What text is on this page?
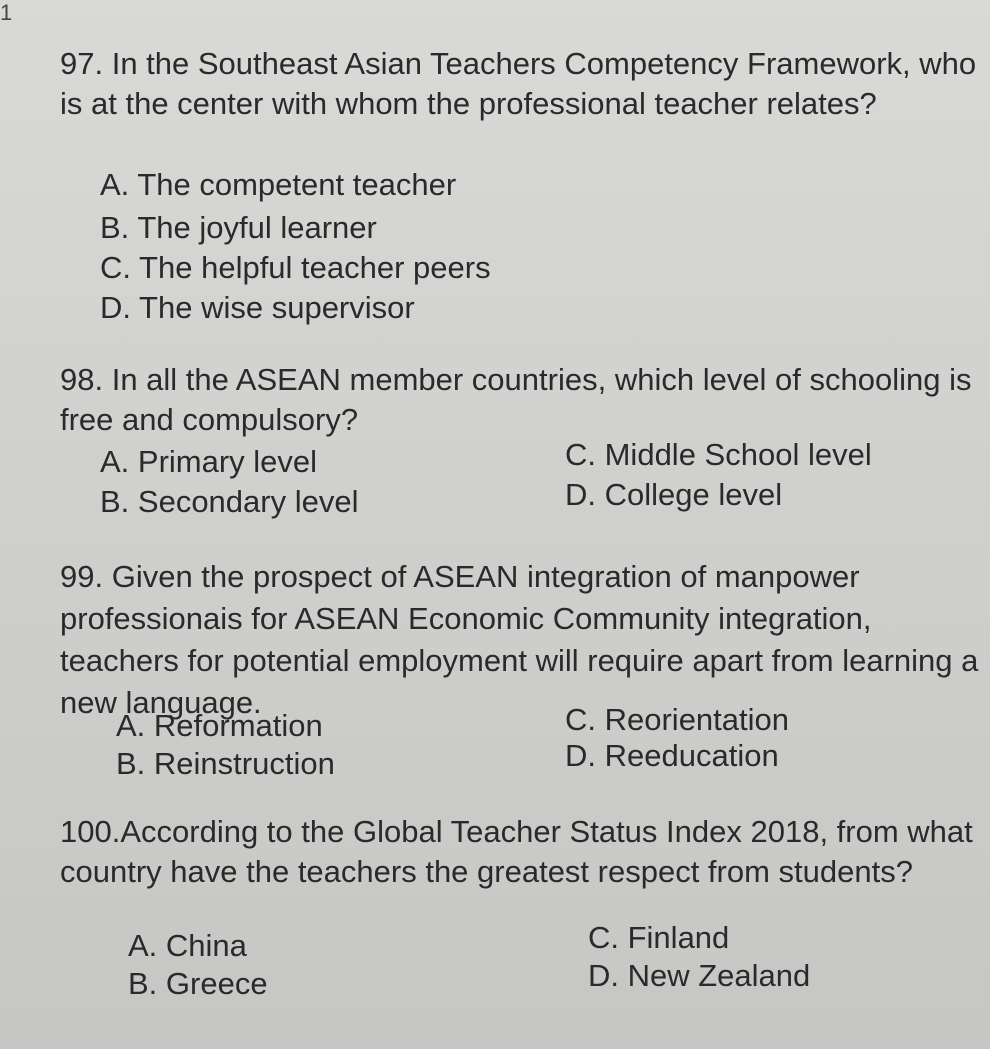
1

97. In the Southeast Asian Teachers Competency Framework, who is at the center with whom the professional teacher relates?

A. The competent teacher
B. The joyful learner
C. The helpful teacher peers
D. The wise supervisor

98. In all the ASEAN member countries, which level of schooling is free and compulsory?

A. Primary level	C. Middle School level
B. Secondary level	D. College level

99. Given the prospect of ASEAN integration of manpower professionais for ASEAN Economic Community integration, teachers for potential employment will require apart from learning a new language.

A. Reformation	C. Reorientation
B. Reinstruction	D. Reeducation

100.According to the Global Teacher Status Index 2018, from what country have the teachers the greatest respect from students?

A. China	C. Finland
B. Greece	D. New Zealand
